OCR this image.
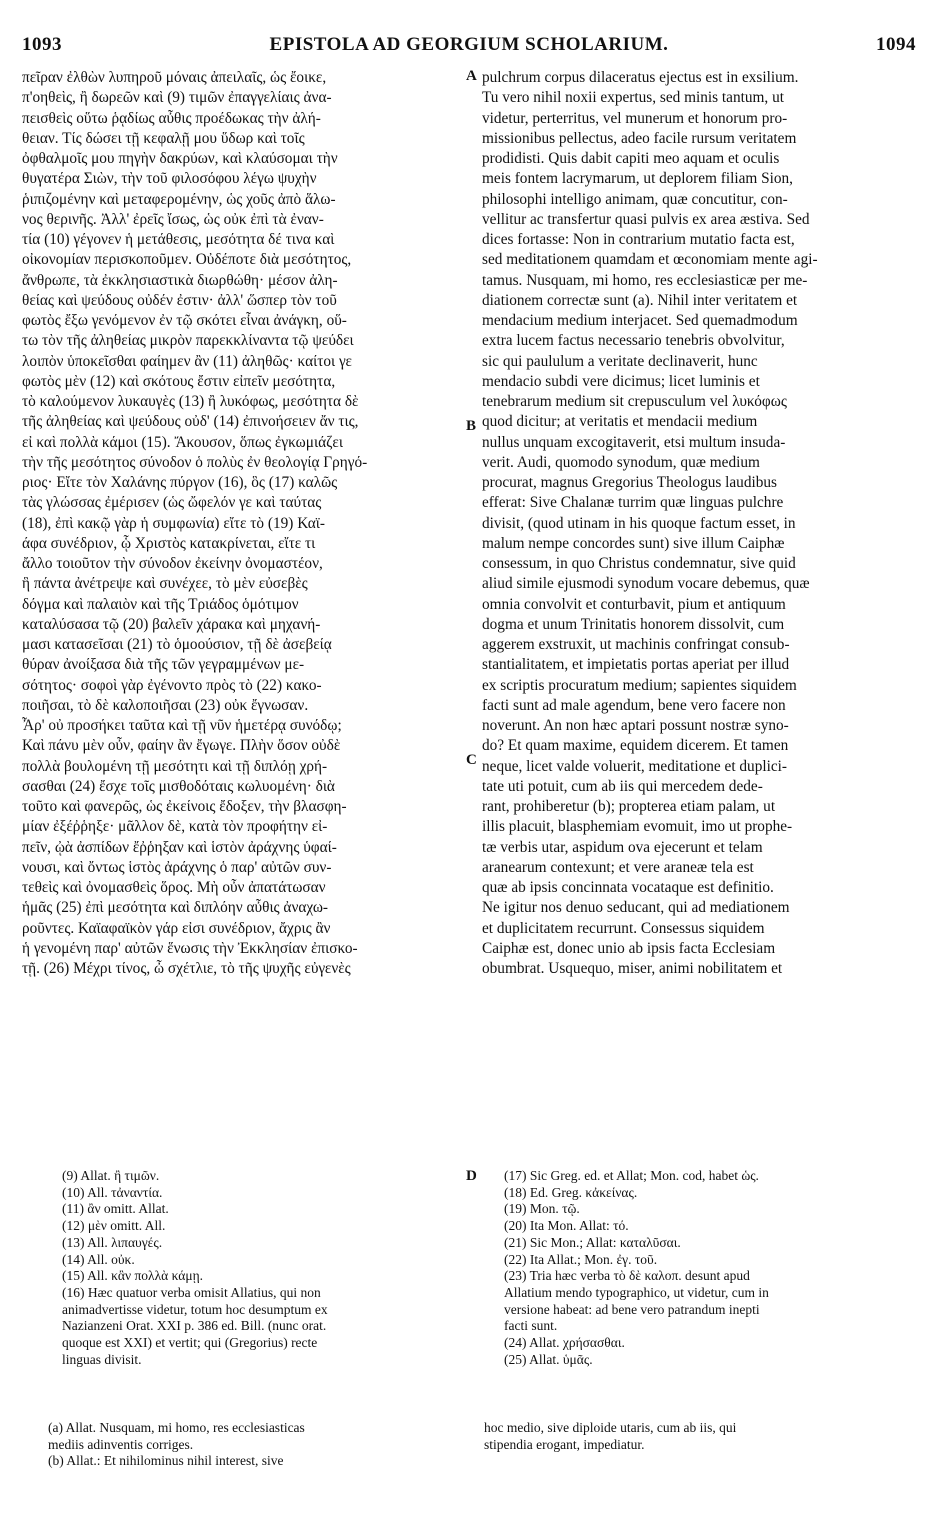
1093	EPISTOLA AD GEORGIUM SCHOLARIUM.	1094
πεῖραν ἐλθὼν λυπηροῦ μόναις ἀπειλαῖς, ὡς ἔοικε,
π'οηθεὶς, ἢ δωρεῶν καὶ (9) τιμῶν ἐπαγγελίαις ἀνα-
πεισθεὶς οὕτω ῥᾳδίως αὖθις προέδωκας τὴν ἀλή-
θειαν. Τίς δώσει τῇ κεφαλῇ μου ὕδωρ καὶ τοῖς
ὀφθαλμοῖς μου πηγὴν δακρύων, καὶ κλαύσομαι τὴν
θυγατέρα Σιὼν, τὴν τοῦ φιλοσόφου λέγω ψυχὴν
ῥιπιζομένην καὶ μεταφερομένην, ὡς χοῦς ἀπὸ ἅλω-
νος θερινῆς. Ἀλλ' ἐρεῖς ἴσως, ὡς οὐκ ἐπὶ τὰ ἐναν-
τία (10) γέγονεν ἡ μετάθεσις, μεσότητα δέ τινα καὶ
οἰκονομίαν περισκοποῦμεν. Οὐδέποτε διὰ μεσότητος,
ἄνθρωπε, τὰ ἐκκλησιαστικὰ διωρθώθη· μέσον ἀλη-
θείας καὶ ψεύδους οὐδέν ἐστιν· ἀλλ' ὥσπερ τὸν τοῦ
φωτὸς ἔξω γενόμενον ἐν τῷ σκότει εἶναι ἀνάγκη, οὕ-
τω τὸν τῆς ἀληθείας μικρὸν παρεκκλίναντα τῷ ψεύδει
λοιπὸν ὑποκεῖσθαι φαίημεν ἂν (11) ἀληθῶς· καίτοι γε
φωτὸς μὲν (12) καὶ σκότους ἔστιν εἰπεῖν μεσότητα,
τὸ καλούμενον λυκαυγὲς (13) ἢ λυκόφως, μεσότητα δὲ
τῆς ἀληθείας καὶ ψεύδους οὐδ' (14) ἐπινοήσειεν ἄν τις,
εἰ καὶ πολλὰ κάμοι (15). Ἄκουσον, ὅπως ἐγκωμιάζει
τὴν τῆς μεσότητος σύνοδον ὁ πολὺς ἐν θεολογίᾳ Γρηγό-
ριος· Εἴτε τὸν Χαλάνης πύργον (16), ὃς (17) καλῶς
τὰς γλώσσας ἐμέρισεν (ὡς ὤφελόν γε καὶ ταύτας
(18), ἐπὶ κακῷ γὰρ ἡ συμφωνία) εἴτε τὸ (19) Καϊ-
άφα συνέδριον, ᾧ Χριστὸς κατακρίνεται, εἴτε τι
ἄλλο τοιοῦτον τὴν σύνοδον ἐκείνην ὀνομαστέον,
ἣ πάντα ἀνέτρεψε καὶ συνέχεε, τὸ μὲν εὐσεβὲς
δόγμα καὶ παλαιὸν καὶ τῆς Τριάδος ὁμότιμον
καταλύσασα τῷ (20) βαλεῖν χάρακα καὶ μηχανή-
μασι κατασεῖσαι (21) τὸ ὁμοούσιον, τῇ δὲ ἀσεβείᾳ
θύραν ἀνοίξασα διὰ τῆς τῶν γεγραμμένων με-
σότητος· σοφοὶ γὰρ ἐγένοντο πρὸς τὸ (22) κακο-
ποιῆσαι, τὸ δὲ καλοποιῆσαι (23) οὐκ ἔγνωσαν.
Ἆρ' οὐ προσήκει ταῦτα καὶ τῇ νῦν ἡμετέρᾳ συνόδῳ;
Καὶ πάνυ μὲν οὖν, φαίην ἂν ἔγωγε. Πλὴν ὅσον οὐδὲ
πολλὰ βουλομένη τῇ μεσότητι καὶ τῇ διπλόῃ χρή-
σασθαι (24) ἔσχε τοῖς μισθοδόταις κωλυομένη· διὰ
τοῦτο καὶ φανερῶς, ὡς ἐκείνοις ἔδοξεν, τὴν βλασφη-
μίαν ἐξέῤῥηξε· μᾶλλον δὲ, κατὰ τὸν προφήτην εἰ-
πεῖν, ᾠὰ ἀσπίδων ἔῤῥηξαν καὶ ἱστὸν ἀράχνης ὑφαί-
νουσι, καὶ ὄντως ἱστὸς ἀράχνης ὁ παρ' αὐτῶν συν-
τεθεὶς καὶ ὀνομασθεὶς ὅρος. Μὴ οὖν ἀπατάτωσαν
ἡμᾶς (25) ἐπὶ μεσότητα καὶ διπλόην αὖθις ἀναχω-
ροῦντες. Καϊαφαϊκὸν γάρ εἰσι συνέδριον, ἄχρις ἂν
ἡ γενομένη παρ' αὐτῶν ἕνωσις τὴν Ἐκκλησίαν ἐπισκο-
τῇ. (26) Μέχρι τίνος, ὦ σχέτλιε, τὸ τῆς ψυχῆς εὐγενὲς
pulchrum corpus dilaceratus ejectus est in exsilium.
Tu vero nihil noxii expertus, sed minis tantum, ut
videtur, perterritus, vel munerum et honorum pro-
missionibus pellectus, adeo facile rursum veritatem
prodidisti. Quis dabit capiti meo aquam et oculis
meis fontem lacrymarum, ut deplorem filiam Sion,
philosophi intelligo animam, quæ concutitur, con-
vellitur ac transfertur quasi pulvis ex area æstiva. Sed
dices fortasse: Non in contrarium mutatio facta est,
sed meditationem quamdam et œconomiam mente agi-
tamus. Nusquam, mi homo, res ecclesiasticæ per me-
diationem correctæ sunt (a). Nihil inter veritatem et
mendacium medium interjacet. Sed quemadmodum
extra lucem factus necessario tenebris obvolvitur,
sic qui paululum a veritate declinaverit, hunc
mendacio subdi vere dicimus; licet luminis et
tenebrarum medium sit crepusculum vel λυκόφως
quod dicitur; at veritatis et mendacii medium
nullus unquam excogitaverit, etsi multum insuda-
verit. Audi, quomodo synodum, quæ medium
procurat, magnus Gregorius Theologus laudibus
efferat: Sive Chalanæ turrim quæ linguas pulchre
divisit, (quod utinam in his quoque factum esset, in
malum nempe concordes sunt) sive illum Caiphæ
consessum, in quo Christus condemnatur, sive quid
aliud simile ejusmodi synodum vocare debemus, quæ
omnia convolvit et conturbavit, pium et antiquum
dogma et unum Trinitatis honorem dissolvit, cum
aggerem exstruxit, ut machinis confringat consub-
stantialitatem, et impietatis portas aperiat per illud
ex scriptis procuratum medium; sapientes siquidem
facti sunt ad male agendum, bene vero facere non
noverunt. An non hæc aptari possunt nostræ syno-
do? Et quam maxime, equidem dicerem. Et tamen
neque, licet valde voluerit, meditatione et duplici-
tate uti potuit, cum ab iis qui mercedem dede-
rant, prohiberetur (b); propterea etiam palam, ut
illis placuit, blasphemiam evomuit, imo ut prophe-
tæ verbis utar, aspidum ova ejecerunt et telam
aranearum contexunt; et vere araneæ tela est
quæ ab ipsis concinnata vocataque est definitio.
Ne igitur nos denuo seducant, qui ad mediationem
et duplicitatem recurrunt. Consessus siquidem
Caiphæ est, donec unio ab ipsis facta Ecclesiam
obumbrat. Usquequo, miser, animi nobilitatem et
A
B
C
D
(9) Allat. ἢ τιμῶν.
(10) All. τἀναντία.
(11) ἂν omitt. Allat.
(12) μὲν omitt. All.
(13) All. λιπαυγές.
(14) All. οὐκ.
(15) All. κἂν πολλὰ κάμῃ.
(16) Hæc quatuor verba omisit Allatius, qui non
animadvertisse videtur, totum hoc desumptum ex
Nazianzeni Orat. XXI p. 386 ed. Bill. (nunc orat.
quoque est XXI) et vertit; qui (Gregorius) recte
linguas divisit.
(17) Sic Greg. ed. et Allat; Mon. cod, habet ὡς.
(18) Ed. Greg. κἀκείνας.
(19) Mon. τῷ.
(20) Ita Mon. Allat: τό.
(21) Sic Mon.; Allat: καταλῦσαι.
(22) Ita Allat.; Mon. ἐγ. τοῦ.
(23) Tria hæc verba τὸ δὲ καλοπ. desunt apud
Allatium mendo typographico, ut videtur, cum in
versione habeat: ad bene vero patrandum inepti
facti sunt.
(24) Allat. χρήσασθαι.
(25) Allat. ὑμᾶς.
(a) Allat. Nusquam, mi homo, res ecclesiasticas
mediis adinventis corriges.
(b) Allat.: Et nihilominus nihil interest, sive
hoc medio, sive diploide utaris, cum ab iis, qui
stipendia erogant, impediatur.
